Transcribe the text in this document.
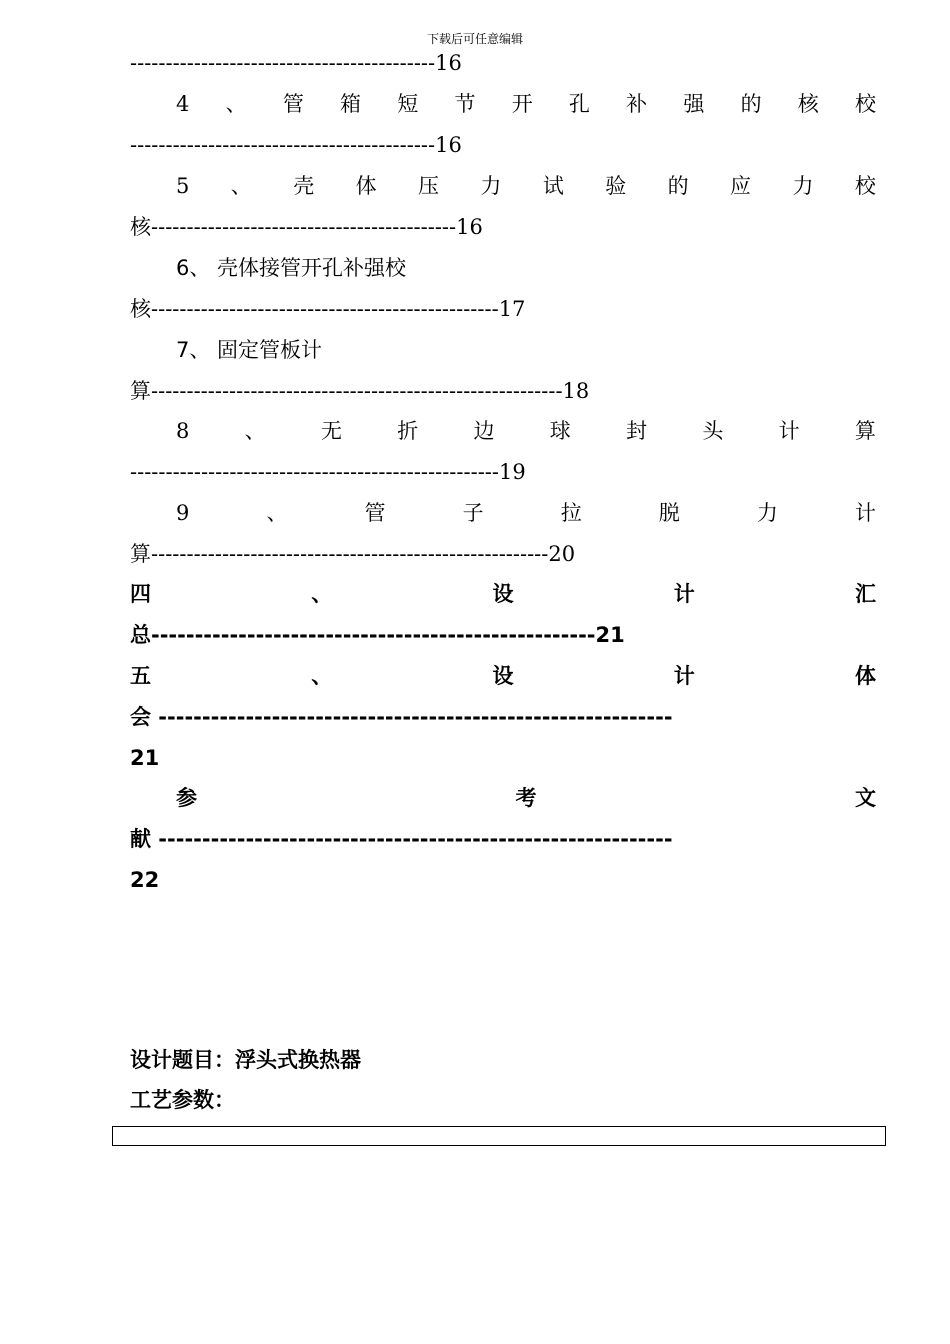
下载后可任意编辑
-------------------------------------------16
4 、 管 箱 短 节 开 孔 补 强 的 核 校
-------------------------------------------16
5 、 壳 体 压 力 试 验 的 应 力 校
核-------------------------------------------16
6、 壳体接管开孔补强校
核-------------------------------------------------17
7、 固定管板计
算----------------------------------------------------------18
8	、	无	折	边	球	封	头	计	算
----------------------------------------------------19
9	、	管	子	拉	脱	力	计
算--------------------------------------------------------20
四	、	设	计	汇
总---------------------------------------------------21
五	、	设	计	体
会 -----------------------------------------------------------
21
参	考	文
献 -----------------------------------------------------------
22
设计题目：浮头式换热器
工艺参数：
